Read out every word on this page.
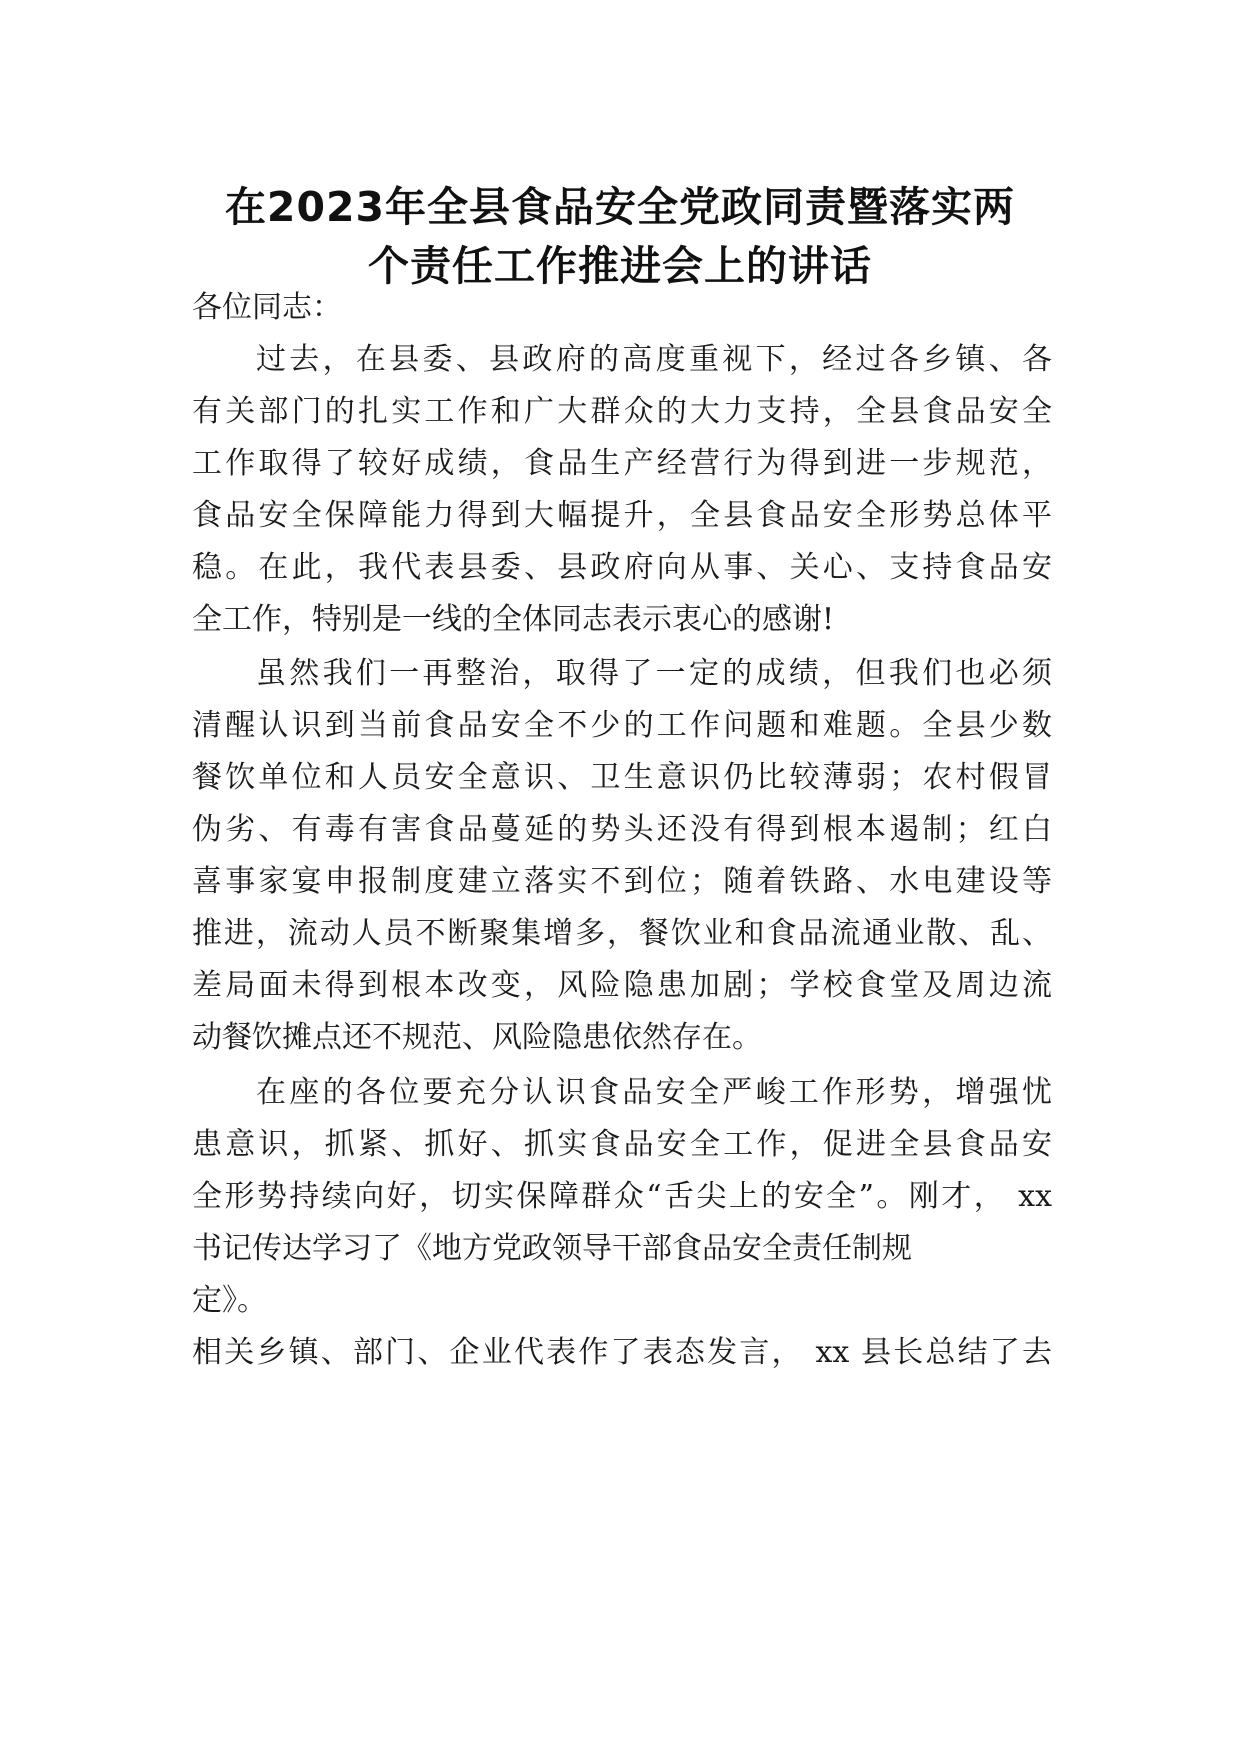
在2023年全县食品安全党政同责暨落实两
个责任工作推进会上的讲话

各位同志：

过去，在县委、县政府的高度重视下，经过各乡镇、各

有关部门的扎实工作和广大群众的大力支持，全县食品安全

工作取得了较好成绩，食品生产经营行为得到进一步规范，

食品安全保障能力得到大幅提升，全县食品安全形势总体平

稳。在此，我代表县委、县政府向从事、关心、支持食品安

全工作，特别是一线的全体同志表示衷心的感谢!

虽然我们一再整治，取得了一定的成绩，但我们也必须

清醒认识到当前食品安全不少的工作问题和难题。全县少数

餐饮单位和人员安全意识、卫生意识仍比较薄弱；农村假冒

伪劣、有毒有害食品蔓延的势头还没有得到根本遏制；红白

喜事家宴申报制度建立落实不到位；随着铁路、水电建设等

推进，流动人员不断聚集增多，餐饮业和食品流通业散、乱、

差局面未得到根本改变，风险隐患加剧；学校食堂及周边流

动餐饮摊点还不规范、风险隐患依然存在。

在座的各位要充分认识食品安全严峻工作形势，增强忧

患意识，抓紧、抓好、抓实食品安全工作，促进全县食品安

全形势持续向好，切实保障群众“舌尖上的安全”。刚才， xx

书记传达学习了《地方党政领导干部食品安全责任制规

定》。

相关乡镇、部门、企业代表作了表态发言， xx 县长总结了去
